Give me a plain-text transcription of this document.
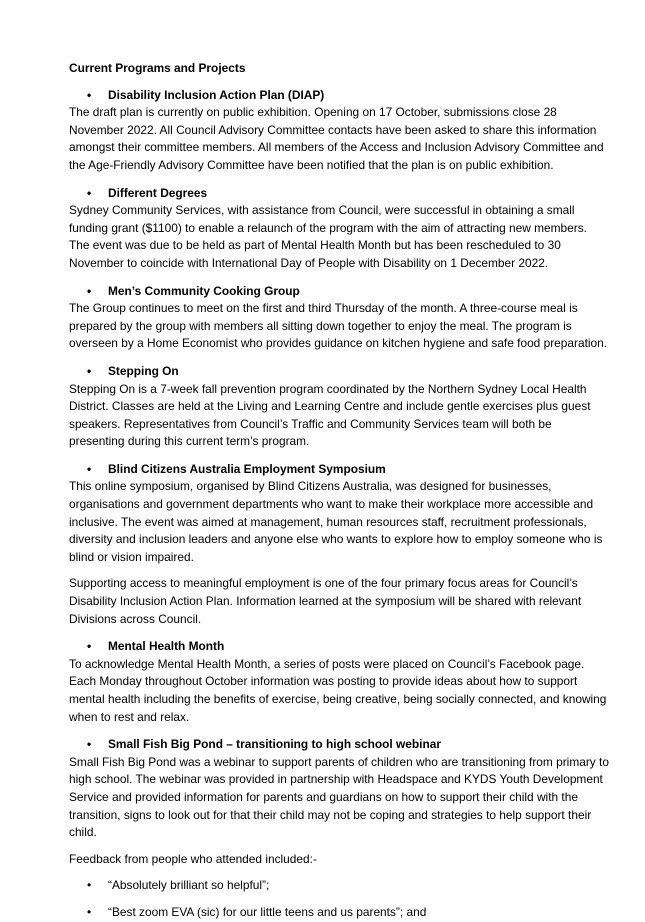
Current Programs and Projects
• Disability Inclusion Action Plan (DIAP)

The draft plan is currently on public exhibition. Opening on 17 October, submissions close 28 November 2022. All Council Advisory Committee contacts have been asked to share this information amongst their committee members. All members of the Access and Inclusion Advisory Committee and the Age-Friendly Advisory Committee have been notified that the plan is on public exhibition.

• Different Degrees

Sydney Community Services, with assistance from Council, were successful in obtaining a small funding grant ($1100) to enable a relaunch of the program with the aim of attracting new members. The event was due to be held as part of Mental Health Month but has been rescheduled to 30 November to coincide with International Day of People with Disability on 1 December 2022.

• Men’s Community Cooking Group

The Group continues to meet on the first and third Thursday of the month. A three-course meal is prepared by the group with members all sitting down together to enjoy the meal. The program is overseen by a Home Economist who provides guidance on kitchen hygiene and safe food preparation.

• Stepping On

Stepping On is a 7-week fall prevention program coordinated by the Northern Sydney Local Health District. Classes are held at the Living and Learning Centre and include gentle exercises plus guest speakers. Representatives from Council’s Traffic and Community Services team will both be presenting during this current term’s program.

• Blind Citizens Australia Employment Symposium

This online symposium, organised by Blind Citizens Australia, was designed for businesses, organisations and government departments who want to make their workplace more accessible and inclusive. The event was aimed at management, human resources staff, recruitment professionals, diversity and inclusion leaders and anyone else who wants to explore how to employ someone who is blind or vision impaired.

Supporting access to meaningful employment is one of the four primary focus areas for Council’s Disability Inclusion Action Plan. Information learned at the symposium will be shared with relevant Divisions across Council.

• Mental Health Month

To acknowledge Mental Health Month, a series of posts were placed on Council’s Facebook page. Each Monday throughout October information was posting to provide ideas about how to support mental health including the benefits of exercise, being creative, being socially connected, and knowing when to rest and relax.

• Small Fish Big Pond – transitioning to high school webinar

Small Fish Big Pond was a webinar to support parents of children who are transitioning from primary to high school. The webinar was provided in partnership with Headspace and KYDS Youth Development Service and provided information for parents and guardians on how to support their child with the transition, signs to look out for that their child may not be coping and strategies to help support their child.

Feedback from people who attended included:-

• “Absolutely brilliant so helpful”;
• “Best zoom EVA (sic) for our little teens and us parents”; and
